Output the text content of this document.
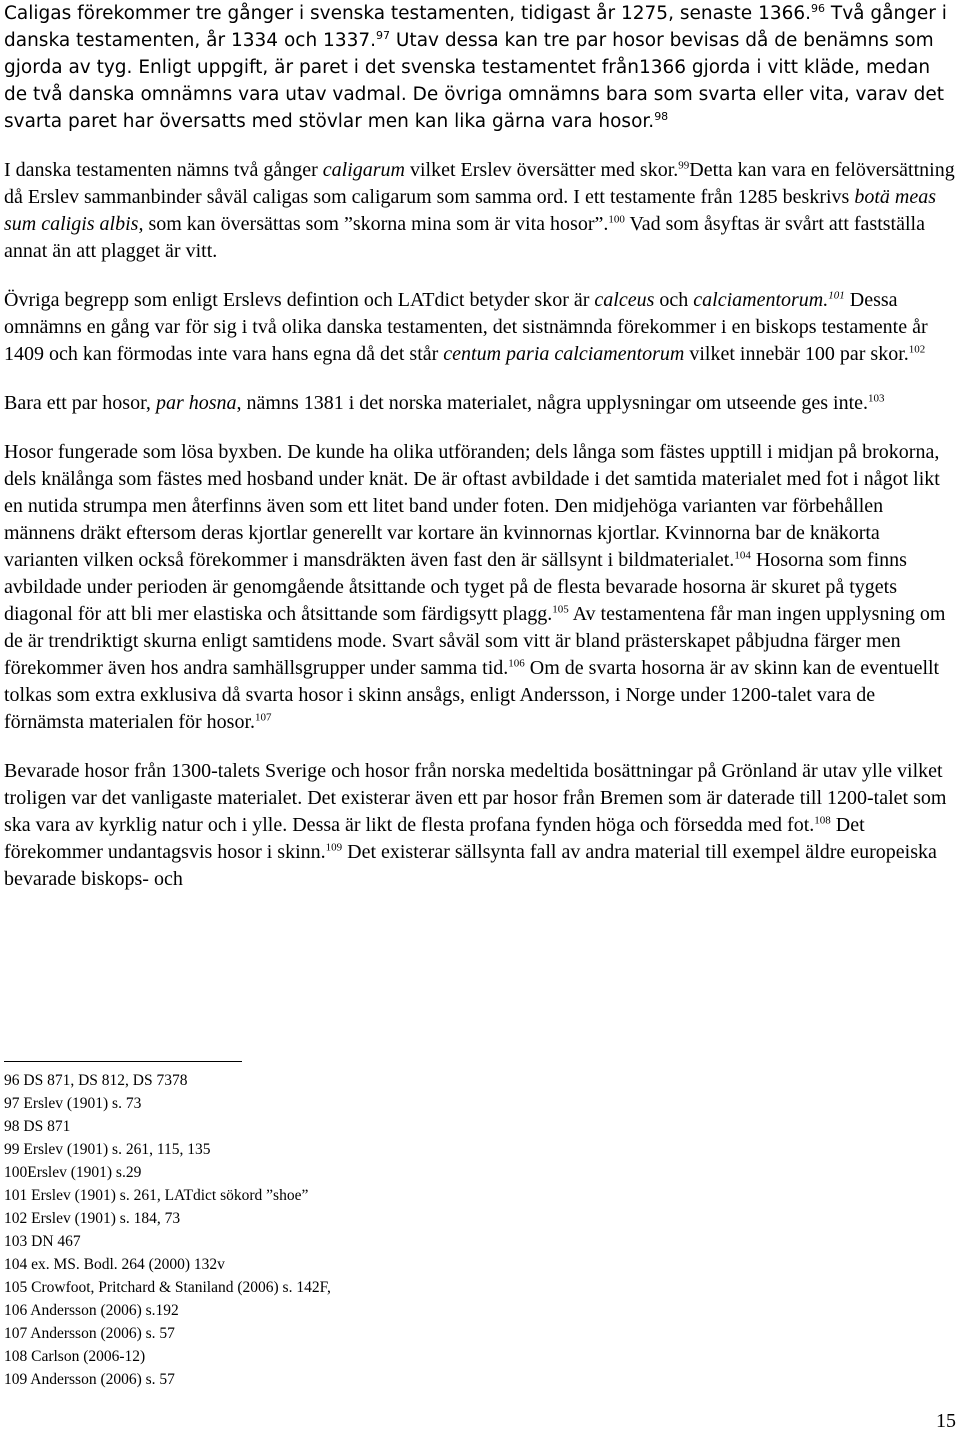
Caligas förekommer tre gånger i svenska testamenten, tidigast år 1275, senaste 1366.96 Två gånger i danska testamenten, år 1334 och 1337.97 Utav dessa kan tre par hosor bevisas då de benämns som gjorda av tyg. Enligt uppgift, är paret i det svenska testamentet från1366 gjorda i vitt kläde, medan de två danska omnämns vara utav vadmal. De övriga omnämns bara som svarta eller vita, varav det svarta paret har översatts med stövlar men kan lika gärna vara hosor.$^{98}$

I danska testamenten nämns två gånger caligarum vilket Erslev översätter med skor.$^{99}$Detta kan vara en felöversättning då Erslev sammanbinder såväl caligas som caligarum som samma ord. I ett testamente från 1285 beskrivs botä meas sum caligis albis, som kan översättas som ”skorna mina som är vita hosor”.$^{100}$ Vad som åsyftas är svårt att fastställa annat än att plagget är vitt.

Övriga begrepp som enligt Erslevs defintion och LATdict betyder skor är calceus och calciamentorum.$^{101}$ Dessa omnämns en gång var för sig i två olika danska testamenten, det sistnämnda förekommer i en biskops testamente år 1409 och kan förmodas inte vara hans egna då det står centum paria calciamentorum vilket innebär 100 par skor.$^{102}$

Bara ett par hosor, par hosna, nämns 1381 i det norska materialet, några upplysningar om utseende ges inte.$^{103}$

Hosor fungerade som lösa byxben. De kunde ha olika utföranden; dels långa som fästes upptill i midjan på brokorna, dels knälånga som fästes med hosband under knät. De är oftast avbildade i det samtida materialet med fot i något likt en nutida strumpa men återfinns även som ett litet band under foten. Den midjehöga varianten var förbehållen männens dräkt eftersom deras kjortlar generellt var kortare än kvinnornas kjortlar. Kvinnorna bar de knäkorta varianten vilken också förekommer i mansdräkten även fast den är sällsynt i bildmaterialet.$^{104}$ Hosorna som finns avbildade under perioden är genomgående åtsittande och tyget på de flesta bevarade hosorna är skuret på tygets diagonal för att bli mer elastiska och åtsittande som färdigsytt plagg.$^{105}$ Av testamentena får man ingen upplysning om de är trendriktigt skurna enligt samtidens mode. Svart såväl som vitt är bland prästerskapet påbjudna färger men förekommer även hos andra samhällsgrupper under samma tid.$^{106}$ Om de svarta hosorna är av skinn kan de eventuellt tolkas som extra exklusiva då svarta hosor i skinn ansågs, enligt Andersson, i Norge under 1200-talet vara de förnämsta materialen för hosor.$^{107}$

Bevarade hosor från 1300-talets Sverige och hosor från norska medeltida bosättningar på Grönland är utav ylle vilket troligen var det vanligaste materialet. Det existerar även ett par hosor från Bremen som är daterade till 1200-talet som ska vara av kyrklig natur och i ylle. Dessa är likt de flesta profana fynden höga och försedda med fot.$^{108}$ Det förekommer undantagsvis hosor i skinn.$^{109}$ Det existerar sällsynta fall av andra material till exempel äldre europeiska bevarade biskops- och

96 DS 871, DS 812, DS 7378
97 Erslev (1901) s. 73
98 DS 871
99 Erslev (1901) s. 261, 115, 135
100Erslev (1901) s.29
101 Erslev (1901) s. 261, LATdict sökord ”shoe”
102 Erslev (1901) s. 184, 73
103 DN 467
104 ex. MS. Bodl. 264 (2000) 132v
105 Crowfoot, Pritchard & Staniland (2006) s. 142F,
106 Andersson (2006) s.192
107 Andersson (2006) s. 57
108 Carlson (2006-12)
109 Andersson (2006) s. 57
15
